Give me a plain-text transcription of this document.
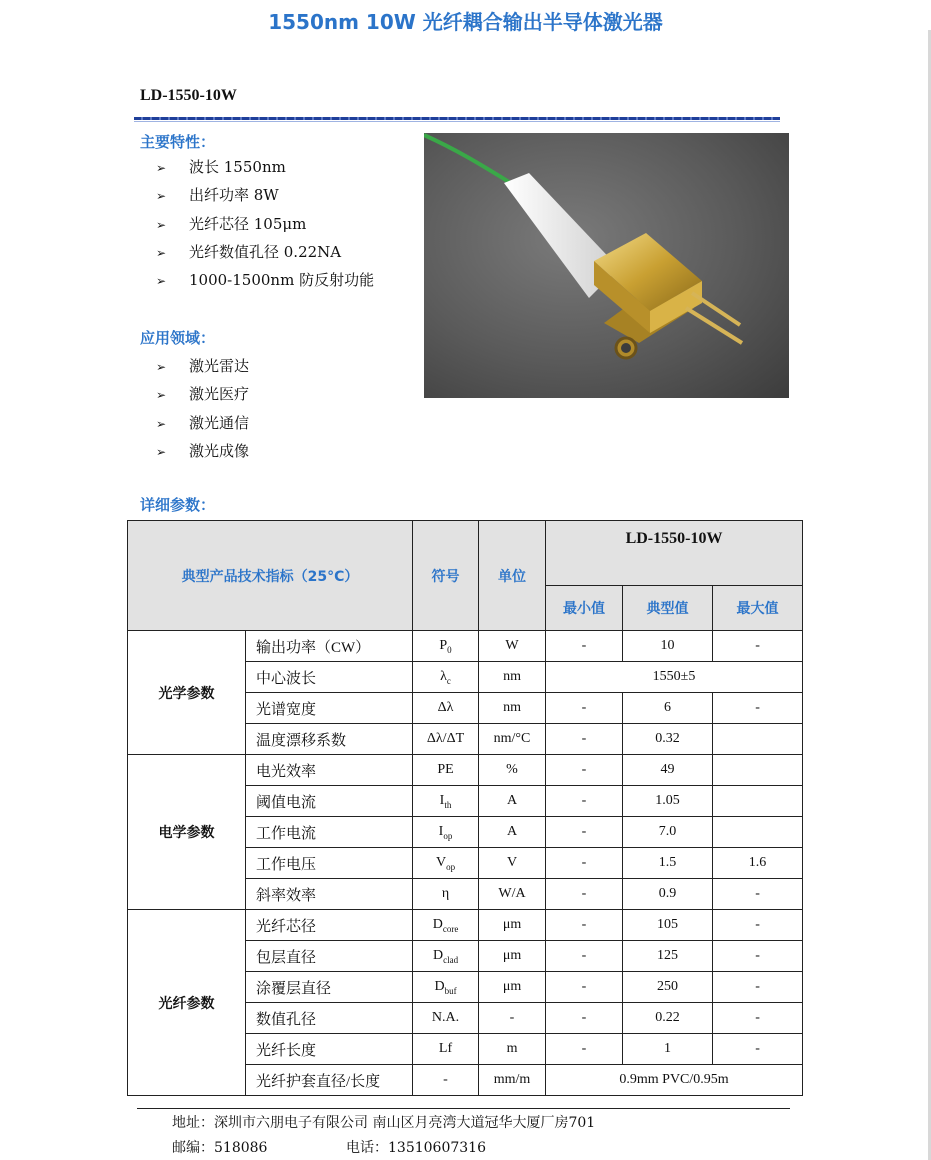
1550nm 10W 光纤耦合输出半导体激光器
LD-1550-10W
主要特性：
➢ 波长 1550nm
➢ 出纤功率 8W
➢ 光纤芯径 105μm
➢ 光纤数值孔径 0.22NA
➢ 1000-1500nm 防反射功能
应用领域：
➢ 激光雷达
➢ 激光医疗
➢ 激光通信
➢ 激光成像
详细参数：
典型产品技术指标（25°C）		符号	单位	LD-1550-10W		
				最小值	典型值	最大值
光学参数	输出功率（CW）	$P_0$	W	-	10	-
	中心波长	$\lambda_c$	nm	1550±5		
	光谱宽度	Δλ	nm	-	6	-
	温度漂移系数	Δλ/ΔT	nm/°C	-	0.32	
电学参数	电光效率	PE	%	-	49	
	阈值电流	$I_{th}$	A	-	1.05	
	工作电流	$I_{op}$	A	-	7.0	
	工作电压	$V_{op}$	V	-	1.5	1.6
	斜率效率	η	W/A	-	0.9	-
光纤参数	光纤芯径	$D_{core}$	μm	-	105	-
	包层直径	$D_{clad}$	μm	-	125	-
	涂覆层直径	$D_{buf}$	μm	-	250	-
	数值孔径	N.A.	-	-	0.22	-
	光纤长度	Lf	m	-	1	-
	光纤护套直径/长度	-	mm/m	0.9mm PVC/0.95m		
地址：深圳市六朋电子有限公司 南山区月亮湾大道冠华大厦厂房701
邮编：518086	电话：13510607316
